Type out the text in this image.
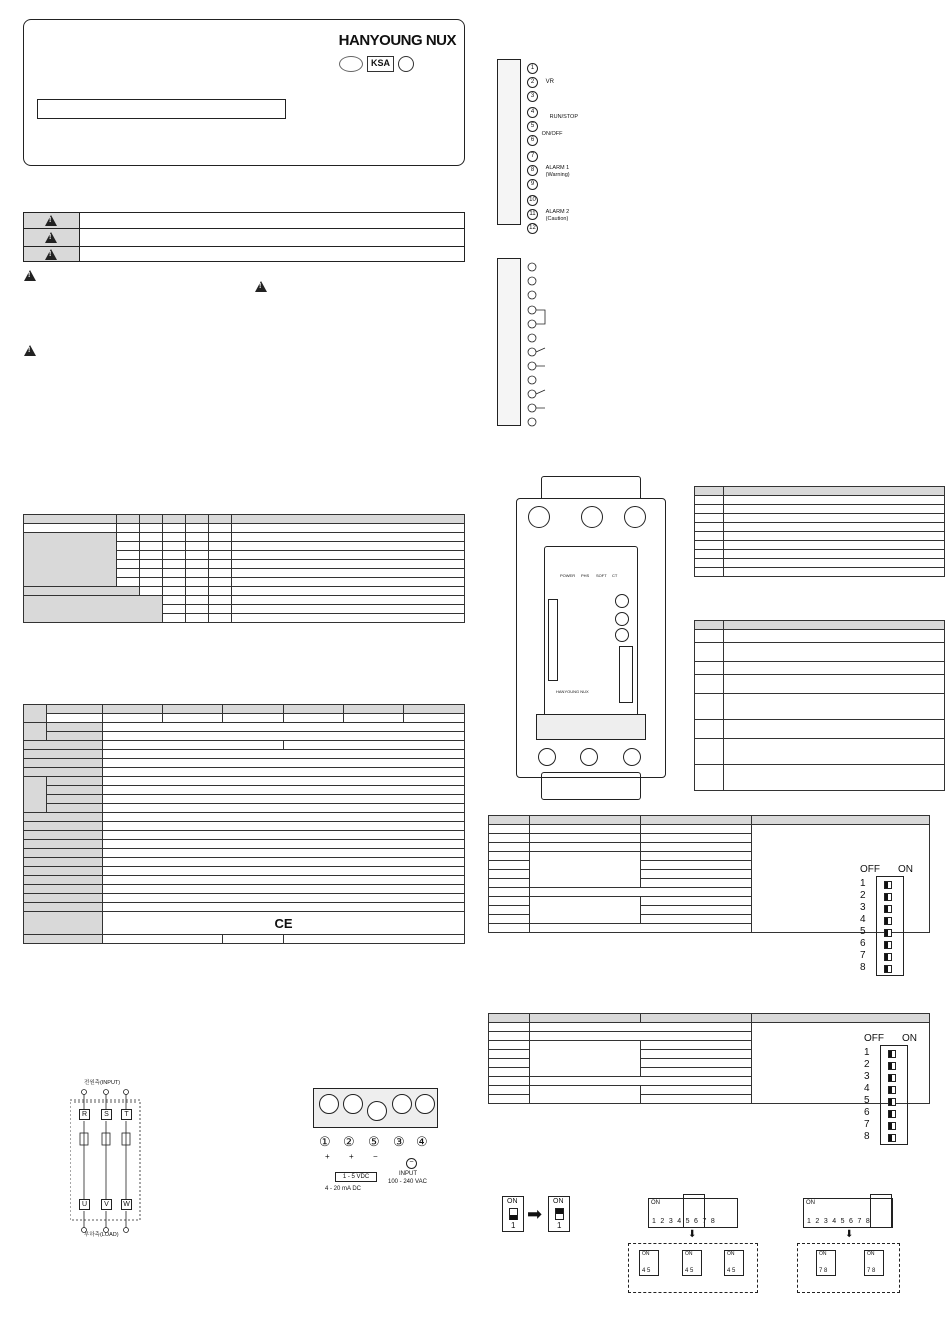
HANYOUNG NUX
KSA
!
!
!
!
!
!

		CE					

전원측(INPUT)
R	S	T
U	V	W
부하측(LOAD)
① ② ⑤ ③ ④
+ + −
~
1 - 5 VDC
4 - 20 mA DC
INPUT
100 - 240 VAC
1
2 VR
3
4 RUN/STOP
5
6 ON/OFF
7
8 ALARM 1
(Warning)
9
10
11 ALARM 2
(Caution)
12
POWER PHS SOFT CT
HANYOUNG NUX

OFF ON
1
2
3
4
5
6
7
8

OFF ON
1
2
3
4
5
6
7
8
ON
1
➡
ON
1
ON
12345678
⬇
ON
4 5
ON
4 5
ON
4 5
ON
12345678
⬇
ON
7 8
ON
7 8
